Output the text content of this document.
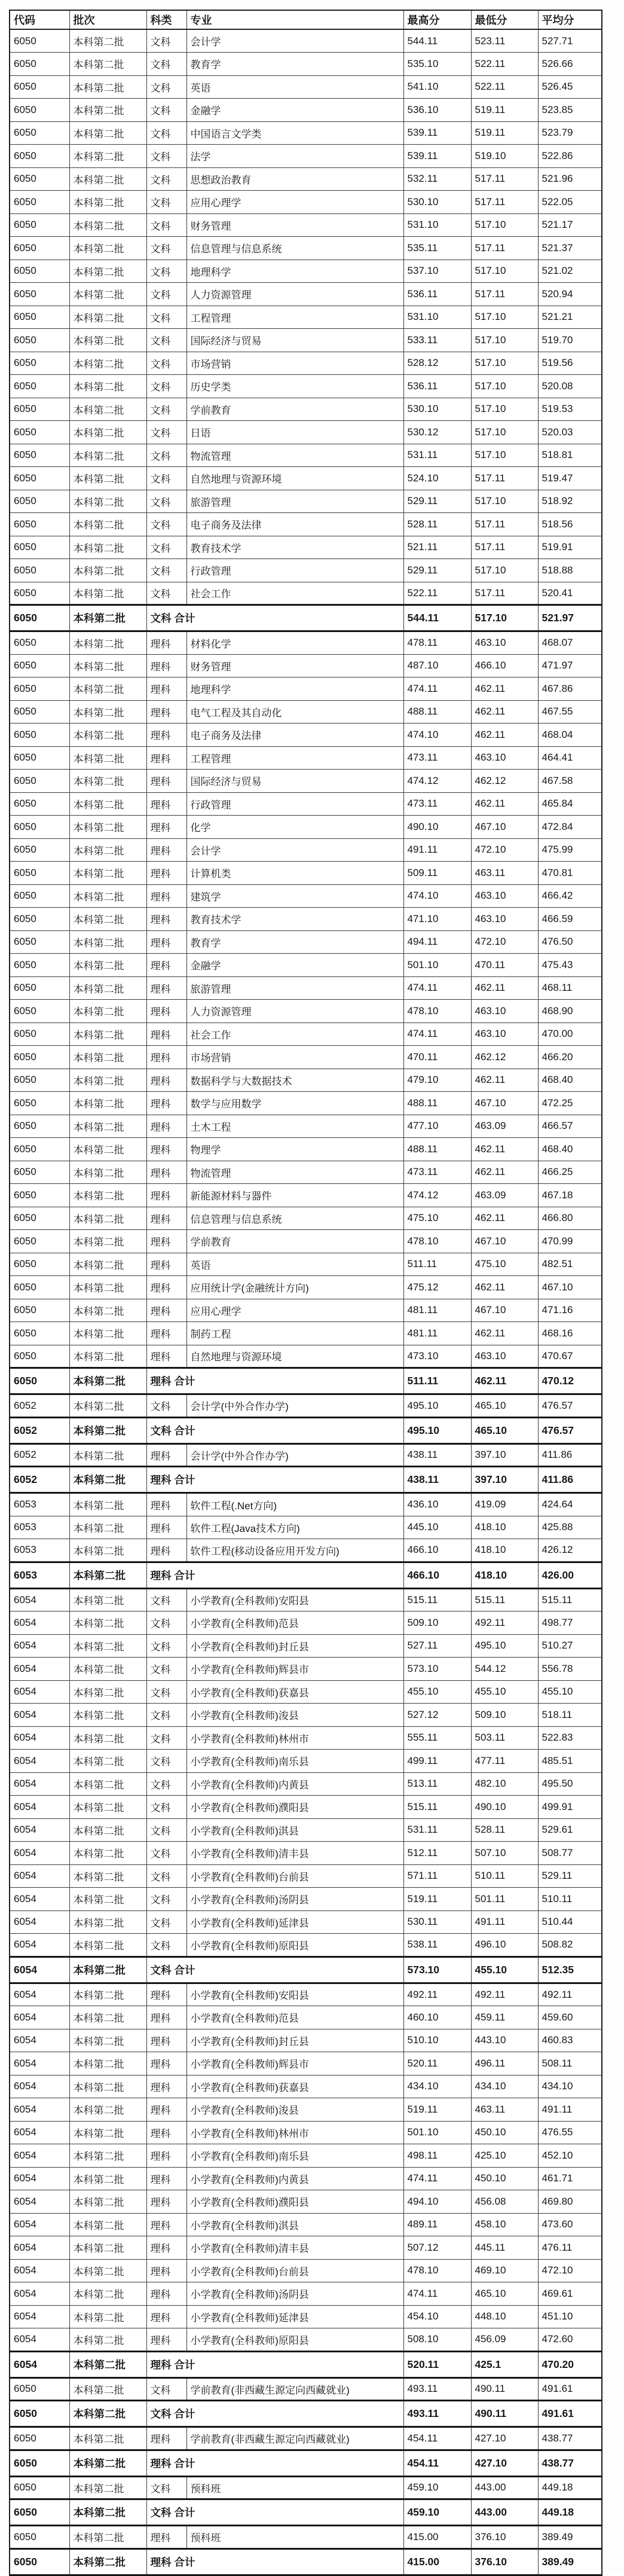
代码	批次	科类	专业	最高分	最低分	平均分
6050	本科第二批	文科	会计学	544.11	523.11	527.71
6050	本科第二批	文科	教育学	535.10	522.11	526.66
6050	本科第二批	文科	英语	541.10	522.11	526.45
6050	本科第二批	文科	金融学	536.10	519.11	523.85
6050	本科第二批	文科	中国语言文学类	539.11	519.11	523.79
6050	本科第二批	文科	法学	539.11	519.10	522.86
6050	本科第二批	文科	思想政治教育	532.11	517.11	521.96
6050	本科第二批	文科	应用心理学	530.10	517.11	522.05
6050	本科第二批	文科	财务管理	531.10	517.10	521.17
6050	本科第二批	文科	信息管理与信息系统	535.11	517.11	521.37
6050	本科第二批	文科	地理科学	537.10	517.10	521.02
6050	本科第二批	文科	人力资源管理	536.11	517.11	520.94
6050	本科第二批	文科	工程管理	531.10	517.10	521.21
6050	本科第二批	文科	国际经济与贸易	533.11	517.10	519.70
6050	本科第二批	文科	市场营销	528.12	517.10	519.56
6050	本科第二批	文科	历史学类	536.11	517.10	520.08
6050	本科第二批	文科	学前教育	530.10	517.10	519.53
6050	本科第二批	文科	日语	530.12	517.10	520.03
6050	本科第二批	文科	物流管理	531.11	517.10	518.81
6050	本科第二批	文科	自然地理与资源环境	524.10	517.11	519.47
6050	本科第二批	文科	旅游管理	529.11	517.10	518.92
6050	本科第二批	文科	电子商务及法律	528.11	517.11	518.56
6050	本科第二批	文科	教育技术学	521.11	517.11	519.91
6050	本科第二批	文科	行政管理	529.11	517.10	518.88
6050	本科第二批	文科	社会工作	522.11	517.11	520.41
6050	本科第二批	文科 合计		544.11	517.10	521.97
6050	本科第二批	理科	材料化学	478.11	463.10	468.07
6050	本科第二批	理科	财务管理	487.10	466.10	471.97
6050	本科第二批	理科	地理科学	474.11	462.11	467.86
6050	本科第二批	理科	电气工程及其自动化	488.11	462.11	467.55
6050	本科第二批	理科	电子商务及法律	474.10	462.11	468.04
6050	本科第二批	理科	工程管理	473.11	463.10	464.41
6050	本科第二批	理科	国际经济与贸易	474.12	462.12	467.58
6050	本科第二批	理科	行政管理	473.11	462.11	465.84
6050	本科第二批	理科	化学	490.10	467.10	472.84
6050	本科第二批	理科	会计学	491.11	472.10	475.99
6050	本科第二批	理科	计算机类	509.11	463.11	470.81
6050	本科第二批	理科	建筑学	474.10	463.10	466.42
6050	本科第二批	理科	教育技术学	471.10	463.10	466.59
6050	本科第二批	理科	教育学	494.11	472.10	476.50
6050	本科第二批	理科	金融学	501.10	470.11	475.43
6050	本科第二批	理科	旅游管理	474.11	462.11	468.11
6050	本科第二批	理科	人力资源管理	478.10	463.10	468.90
6050	本科第二批	理科	社会工作	474.11	463.10	470.00
6050	本科第二批	理科	市场营销	470.11	462.12	466.20
6050	本科第二批	理科	数据科学与大数据技术	479.10	462.11	468.40
6050	本科第二批	理科	数学与应用数学	488.11	467.10	472.25
6050	本科第二批	理科	土木工程	477.10	463.09	466.57
6050	本科第二批	理科	物理学	488.11	462.11	468.40
6050	本科第二批	理科	物流管理	473.11	462.11	466.25
6050	本科第二批	理科	新能源材料与器件	474.12	463.09	467.18
6050	本科第二批	理科	信息管理与信息系统	475.10	462.11	466.80
6050	本科第二批	理科	学前教育	478.10	467.10	470.99
6050	本科第二批	理科	英语	511.11	475.10	482.51
6050	本科第二批	理科	应用统计学(金融统计方向)	475.12	462.11	467.10
6050	本科第二批	理科	应用心理学	481.11	467.10	471.16
6050	本科第二批	理科	制药工程	481.11	462.11	468.16
6050	本科第二批	理科	自然地理与资源环境	473.10	463.10	470.67
6050	本科第二批	理科 合计		511.11	462.11	470.12
6052	本科第二批	文科	会计学(中外合作办学)	495.10	465.10	476.57
6052	本科第二批	文科 合计		495.10	465.10	476.57
6052	本科第二批	理科	会计学(中外合作办学)	438.11	397.10	411.86
6052	本科第二批	理科 合计		438.11	397.10	411.86
6053	本科第二批	理科	软件工程(.Net方向)	436.10	419.09	424.64
6053	本科第二批	理科	软件工程(Java技术方向)	445.10	418.10	425.88
6053	本科第二批	理科	软件工程(移动设备应用开发方向)	466.10	418.10	426.12
6053	本科第二批	理科 合计		466.10	418.10	426.00
6054	本科第二批	文科	小学教育(全科教师)安阳县	515.11	515.11	515.11
6054	本科第二批	文科	小学教育(全科教师)范县	509.10	492.11	498.77
6054	本科第二批	文科	小学教育(全科教师)封丘县	527.11	495.10	510.27
6054	本科第二批	文科	小学教育(全科教师)辉县市	573.10	544.12	556.78
6054	本科第二批	文科	小学教育(全科教师)获嘉县	455.10	455.10	455.10
6054	本科第二批	文科	小学教育(全科教师)浚县	527.12	509.10	518.11
6054	本科第二批	文科	小学教育(全科教师)林州市	555.11	503.11	522.83
6054	本科第二批	文科	小学教育(全科教师)南乐县	499.11	477.11	485.51
6054	本科第二批	文科	小学教育(全科教师)内黄县	513.11	482.10	495.50
6054	本科第二批	文科	小学教育(全科教师)濮阳县	515.11	490.10	499.91
6054	本科第二批	文科	小学教育(全科教师)淇县	531.11	528.11	529.61
6054	本科第二批	文科	小学教育(全科教师)清丰县	512.11	507.10	508.77
6054	本科第二批	文科	小学教育(全科教师)台前县	571.11	510.11	529.11
6054	本科第二批	文科	小学教育(全科教师)汤阴县	519.11	501.11	510.11
6054	本科第二批	文科	小学教育(全科教师)延津县	530.11	491.11	510.44
6054	本科第二批	文科	小学教育(全科教师)原阳县	538.11	496.10	508.82
6054	本科第二批	文科 合计		573.10	455.10	512.35
6054	本科第二批	理科	小学教育(全科教师)安阳县	492.11	492.11	492.11
6054	本科第二批	理科	小学教育(全科教师)范县	460.10	459.11	459.60
6054	本科第二批	理科	小学教育(全科教师)封丘县	510.10	443.10	460.83
6054	本科第二批	理科	小学教育(全科教师)辉县市	520.11	496.11	508.11
6054	本科第二批	理科	小学教育(全科教师)获嘉县	434.10	434.10	434.10
6054	本科第二批	理科	小学教育(全科教师)浚县	519.11	463.11	491.11
6054	本科第二批	理科	小学教育(全科教师)林州市	501.10	450.10	476.55
6054	本科第二批	理科	小学教育(全科教师)南乐县	498.11	425.10	452.10
6054	本科第二批	理科	小学教育(全科教师)内黄县	474.11	450.10	461.71
6054	本科第二批	理科	小学教育(全科教师)濮阳县	494.10	456.08	469.80
6054	本科第二批	理科	小学教育(全科教师)淇县	489.11	458.10	473.60
6054	本科第二批	理科	小学教育(全科教师)清丰县	507.12	445.11	476.11
6054	本科第二批	理科	小学教育(全科教师)台前县	478.10	469.10	472.10
6054	本科第二批	理科	小学教育(全科教师)汤阴县	474.11	465.10	469.61
6054	本科第二批	理科	小学教育(全科教师)延津县	454.10	448.10	451.10
6054	本科第二批	理科	小学教育(全科教师)原阳县	508.10	456.09	472.60
6054	本科第二批	理科 合计		520.11	425.1	470.20
6050	本科第二批	文科	学前教育(非西藏生源定向西藏就业)	493.11	490.11	491.61
6050	本科第二批	文科 合计		493.11	490.11	491.61
6050	本科第二批	理科	学前教育(非西藏生源定向西藏就业)	454.11	427.10	438.77
6050	本科第二批	理科 合计		454.11	427.10	438.77
6050	本科第二批	文科	预科班	459.10	443.00	449.18
6050	本科第二批	文科 合计		459.10	443.00	449.18
6050	本科第二批	理科	预科班	415.00	376.10	389.49
6050	本科第二批	理科 合计		415.00	376.10	389.49
